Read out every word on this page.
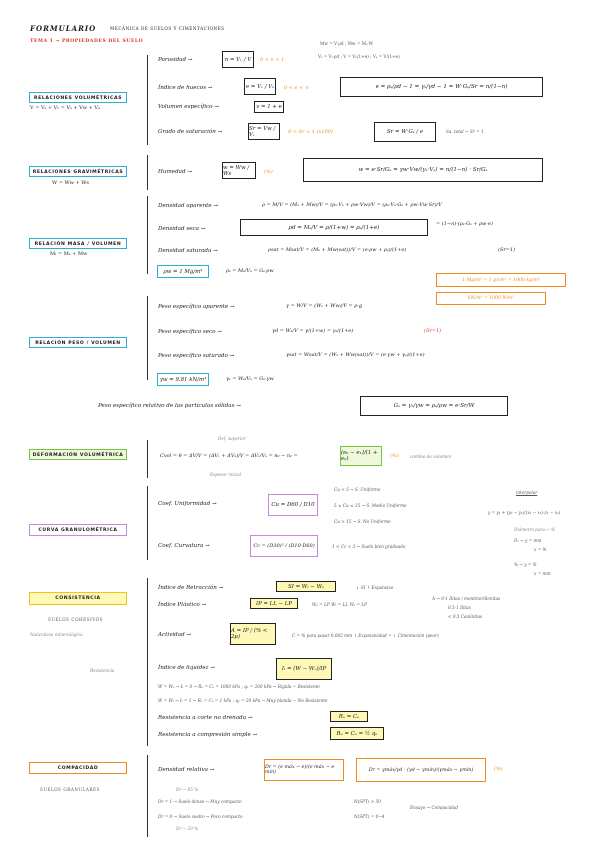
FORMULARIO	MECÁNICA DE SUELOS Y CIMENTACIONES
TEMA 1 → PROPIEDADES DEL SUELO
RELACIONES VOLUMÉTRICAS
V = Vₛ + Vᵥ = Vₛ + Vw + Vₐ
Mw = V·ρd ; Mw = Mₛ·W
Vₛ = Vₜ·ρd ; V = Vₛ(1+e) ; Vₛ = V/(1+e)
Porosidad →	n = Vᵥ / V	0 < n < 1
Índice de huecos →	e = Vᵥ / Vₛ	0 < e < ∞	e = ρₛ/ρd − 1 = γₛ/γd − 1 = W·Gₛ/Sr = n/(1−n)
Volumen específico →	v = 1 + e
Grado de saturación →
Sr = Vw / Vᵥ	0 < Sr < 1 (x100)	Sr = W·Gₛ / e	Sa. total → Sr = 1
RELACIONES GRAVIMÉTRICAS
W = Ww + Ws
Humedad →
w = Ww / Ws	(%)	w = e·Sr/Gₛ = γw·Vw/(γₛ·Vₛ) = n/(1−n) · Sr/Gₛ
RELACIÓN MASA / VOLUMEN
Mₜ = Mₛ + Mw
Densidad aparente →	ρ = M/V = (Mₛ + Mw)/V = (ρₛ·Vₛ + ρw·Vw)/V = (ρₛ·Vₛ·Gₛ + ρw·Vw·Sr)/V
= (1−n)·(ρₛ·Gₛ + ρw·e)
Densidad seca →	ρd = Mₛ/V = ρ/(1+w) = ρₛ/(1+e)
Densidad saturada →	ρsat = Msat/V = (Mₛ + Mw(sat))/V = (e·ρw + ρₛ)/(1+e)	(Sr=1)
ρw = 1 Mg/m³	ρₛ = Mₛ/Vₛ = Gₛ·ρw
1 Mg/m³ = 1 g/cm³ = 1000 kg/m³
kN/m³ = 1000 N/m³
RELACIÓN PESO / VOLUMEN
Peso específico aparente →	γ = W/V = (Wₛ + Ww)/V = ρ·g
Peso específico seco →	γd = Wₛ/V = γ/(1+w) = γₛ/(1+e)	(Sr=1)
Peso específico saturado →	γsat = Wsat/V = (Wₛ + Ww(sat))/V = (e·γw + γₛ)/(1+e)
γw = 9.81 kN/m³	γₛ = Wₛ/Vₛ = Gₛ·γw
Peso específico relativo de las partículas sólidas →	Gₛ = γₛ/γw = ρₛ/ρw = e·Sr/W
DEFORMACIÓN VOLUMÉTRICA
Def. superior
Cvol = θ = ΔV/V = (ΔVᵥ + ΔVₛ)/V = ΔVᵥ/Vₛ = n₀ − n₁ =	(e₀ − e₁)/(1 + e₀)	(%)	cambio de volumen
Espesor inicial
CURVA GRANULOMÉTRICA
Coef. Uniformidad →	Cu = D60 / D10
Cu < 5 → S. Uniforme
5 ≤ Cu ≤ 15 → S. Medio Uniforme
Cu > 15 → S. No Uniforme
Coef. Curvatura →	Cc = (D30)² / (D10·D60)	1 < Cc < 3 → Suelo bien graduado
interpolar
y = y₁ + (y₂ − y₁)/(x₂ − x₁)·(x − x₁)
Diámetro para → %
Dₓ → y = mm
x = %
% → y = %
x = mm
CONSISTENCIA
SUELOS COHESIVOS
Naturaleza mineralógica
Resistencia
Índice de Retracción →	SI = Wₗ − Wₛ	↓ SI ↑ Expansivo
Índice Plástico →	IP = LL − LP	Wₚ = LP Wₗ = LL Wₛ = LP
A → 0-1 Ilitas / montmorillonitas
0.5-1 Ilitas
< 0.5 Caolinitas
Actividad →
A = IP / (% < 2μ)	C = % para pasar 0.002 mm ↑ Expansividad = ↓ Cimentación (peor)
Índice de liquidez →	Iₗ = (W − Wₚ)/IP
W = Wₚ → Iₗ = 0 → Rᵤ = Cᵤ = 1000 kPa ; qᵤ = 200 kPa → Rígida − Resistente
W = Wₗ → Iₗ = 1 → Rᵤ = Cᵤ = 1 kPa ; qᵤ = 20 kPa → Muy blanda − No Resistente
Resistencia a corte no drenada →	Rᵤ = Cᵤ
Resistencia a compresión simple →	Rᵤ = Cᵤ = ½ qᵤ
COMPACIDAD
SUELOS GRANULARES
Densidad relativa →	Dr = (e máx − e)/(e máx − e mín)	Dr = γmáx/γd · (γd − γmín)/(γmáx − γmín)	(%)
Dr − 85 %
Dr = 1 → Suelo denso → Muy compacto	N(SPT) > 50
Dr = 0 → Suelo suelto → Poco compacto	N(SPT) = 0−4
Dr − 20 %
Ensayo → Compacidad
